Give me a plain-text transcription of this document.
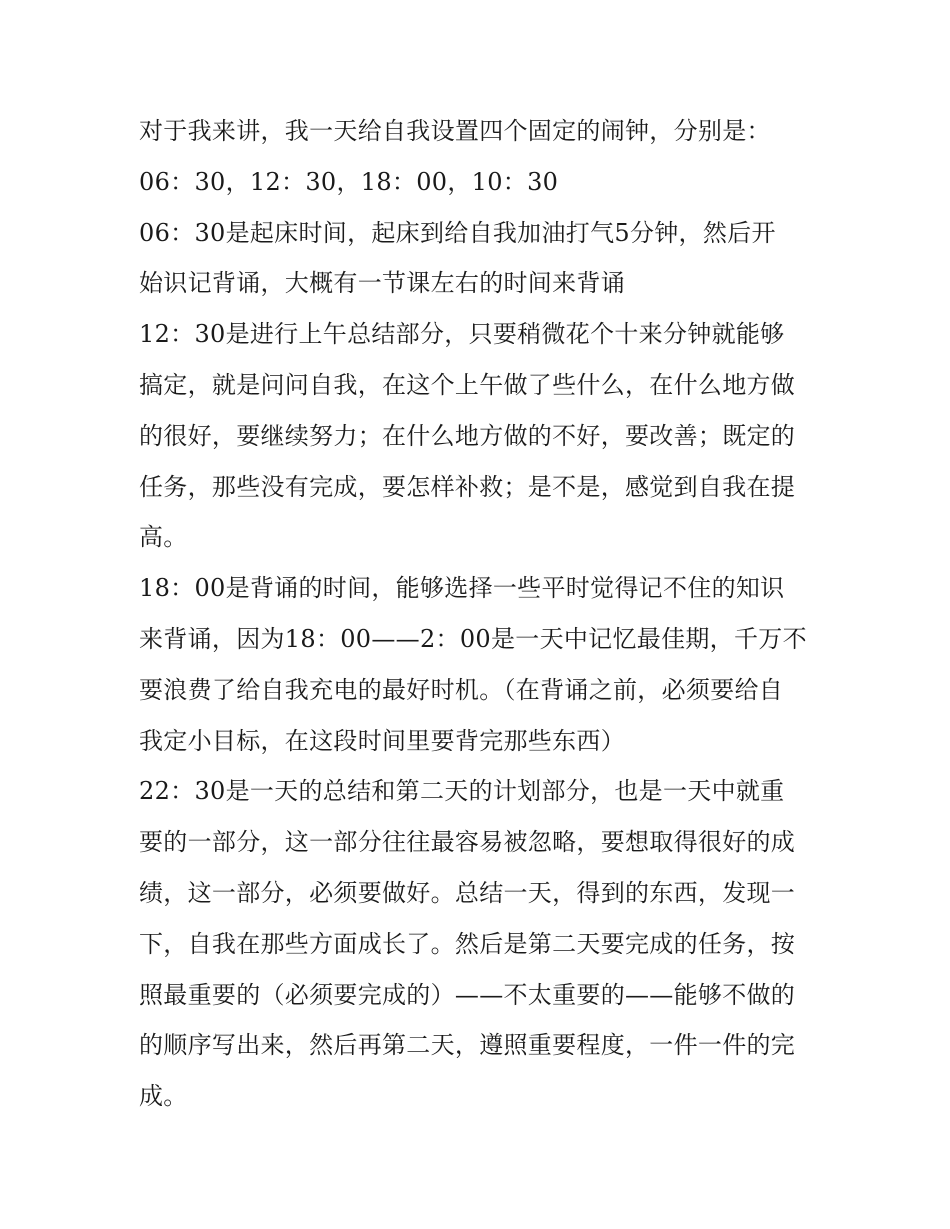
对于我来讲，我一天给自我设置四个固定的闹钟，分别是：
06：30，12：30，18：00，10：30
06：30是起床时间，起床到给自我加油打气5分钟，然后开
始识记背诵，大概有一节课左右的时间来背诵
12：30是进行上午总结部分，只要稍微花个十来分钟就能够
搞定，就是问问自我，在这个上午做了些什么，在什么地方做
的很好，要继续努力；在什么地方做的不好，要改善；既定的
任务，那些没有完成，要怎样补救；是不是，感觉到自我在提
高。
18：00是背诵的时间，能够选择一些平时觉得记不住的知识
来背诵，因为18：00——2：00是一天中记忆最佳期，千万不
要浪费了给自我充电的最好时机。（在背诵之前，必须要给自
我定小目标，在这段时间里要背完那些东西）
22：30是一天的总结和第二天的计划部分，也是一天中就重
要的一部分，这一部分往往最容易被忽略，要想取得很好的成
绩，这一部分，必须要做好。总结一天，得到的东西，发现一
下，自我在那些方面成长了。然后是第二天要完成的任务，按
照最重要的（必须要完成的）——不太重要的——能够不做的
的顺序写出来，然后再第二天，遵照重要程度，一件一件的完
成。
